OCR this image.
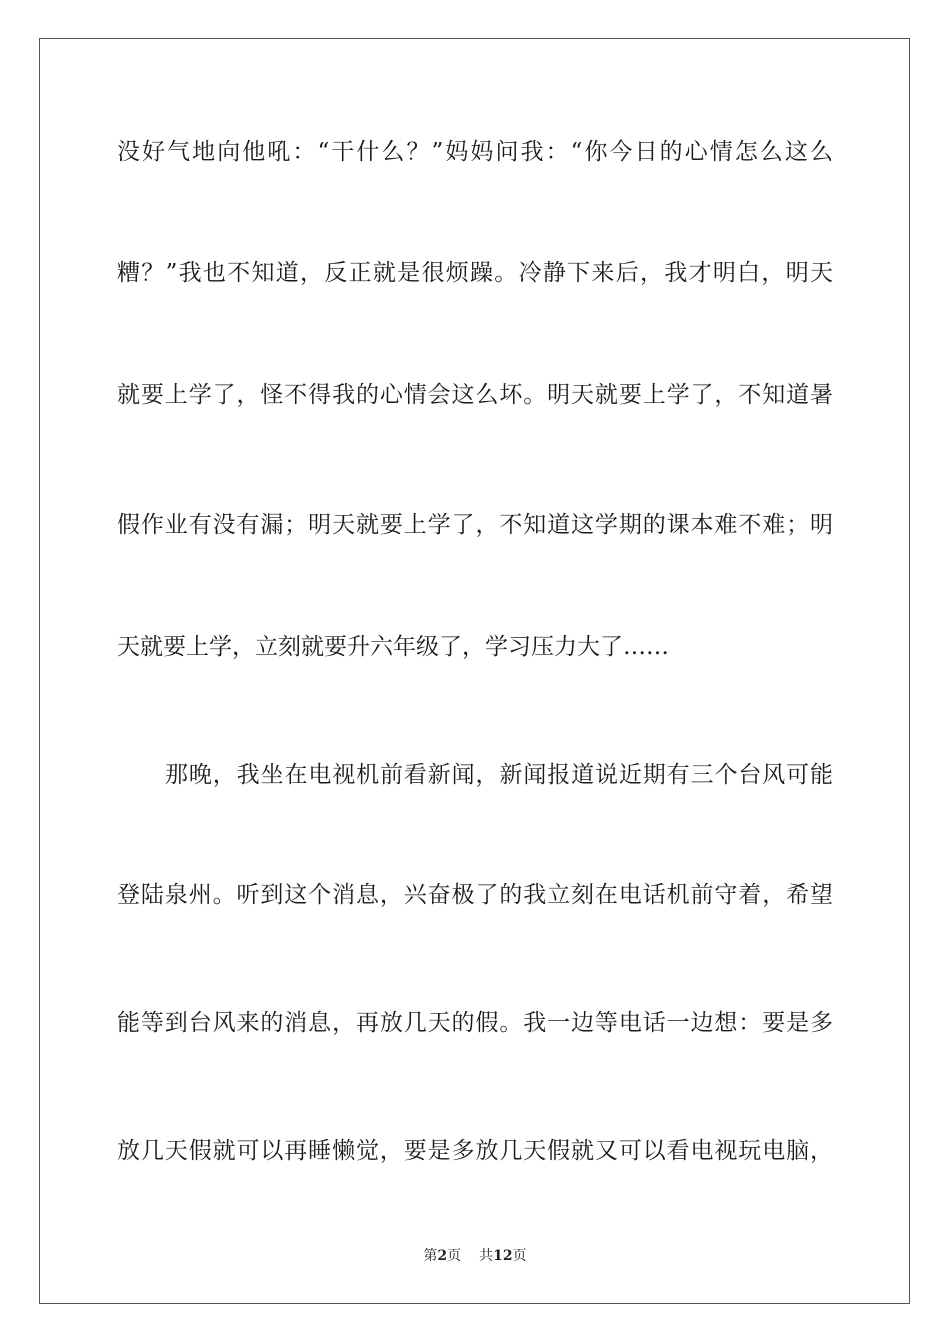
没好气地向他吼：“干什么？”妈妈问我：“你今日的心情怎么这么
糟？”我也不知道，反正就是很烦躁。冷静下来后，我才明白，明天
就要上学了，怪不得我的心情会这么坏。明天就要上学了，不知道暑
假作业有没有漏；明天就要上学了，不知道这学期的课本难不难；明
天就要上学，立刻就要升六年级了，学习压力大了……
那晚，我坐在电视机前看新闻，新闻报道说近期有三个台风可能
登陆泉州。听到这个消息，兴奋极了的我立刻在电话机前守着，希望
能等到台风来的消息，再放几天的假。我一边等电话一边想：要是多
放几天假就可以再睡懒觉，要是多放几天假就又可以看电视玩电脑，
第2页 共12页
